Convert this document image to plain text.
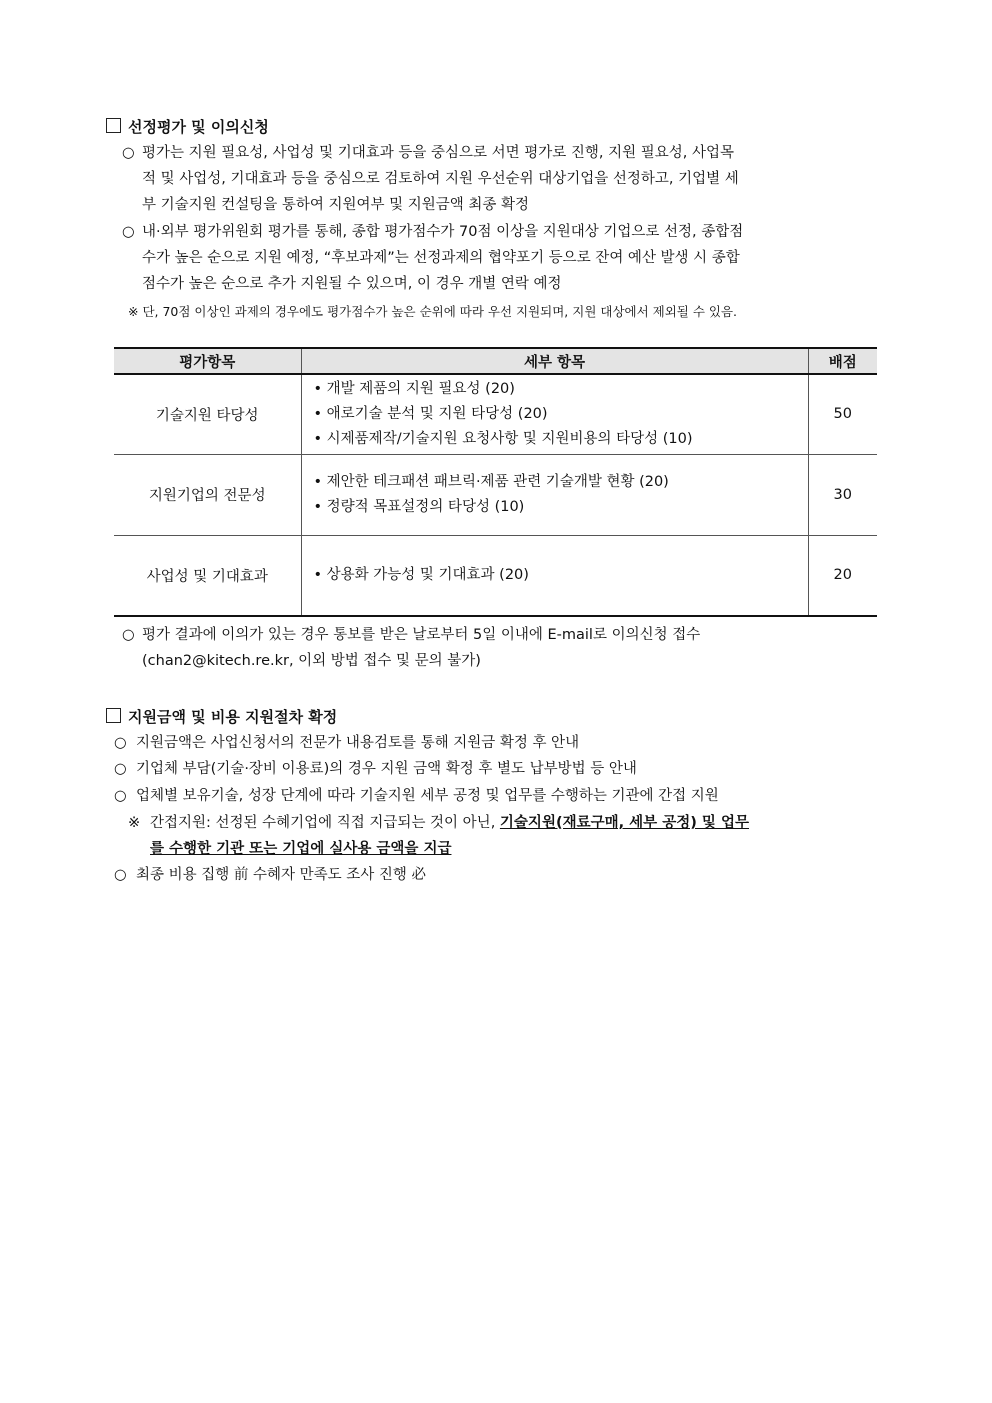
선정평가 및 이의신청
○ 평가는 지원 필요성, 사업성 및 기대효과 등을 중심으로 서면 평가로 진행, 지원 필요성, 사업목
적 및 사업성, 기대효과 등을 중심으로 검토하여 지원 우선순위 대상기업을 선정하고, 기업별 세
부 기술지원 컨설팅을 통하여 지원여부 및 지원금액 최종 확정
○ 내·외부 평가위원회 평가를 통해, 종합 평가점수가 70점 이상을 지원대상 기업으로 선정, 종합점
수가 높은 순으로 지원 예정, “후보과제”는 선정과제의 협약포기 등으로 잔여 예산 발생 시 종합
점수가 높은 순으로 추가 지원될 수 있으며, 이 경우 개별 연락 예정
※ 단, 70점 이상인 과제의 경우에도 평가점수가 높은 순위에 따라 우선 지원되며, 지원 대상에서 제외될 수 있음.
평가항목	세부 항목	배점
기술지원 타당성	• 개발 제품의 지원 필요성 (20)
• 애로기술 분석 및 지원 타당성 (20)
• 시제품제작/기술지원 요청사항 및 지원비용의 타당성 (10)	50
지원기업의 전문성	• 제안한 테크패션 패브릭·제품 관련 기술개발 현황 (20)
• 정량적 목표설정의 타당성 (10)	30
사업성 및 기대효과	• 상용화 가능성 및 기대효과 (20)	20
○ 평가 결과에 이의가 있는 경우 통보를 받은 날로부터 5일 이내에 E-mail로 이의신청 접수
(chan2@kitech.re.kr, 이외 방법 접수 및 문의 불가)
지원금액 및 비용 지원절차 확정
○ 지원금액은 사업신청서의 전문가 내용검토를 통해 지원금 확정 후 안내
○ 기업체 부담(기술·장비 이용료)의 경우 지원 금액 확정 후 별도 납부방법 등 안내
○ 업체별 보유기술, 성장 단계에 따라 기술지원 세부 공정 및 업무를 수행하는 기관에 간접 지원
※ 간접지원: 선정된 수혜기업에 직접 지급되는 것이 아닌, 기술지원(재료구매, 세부 공정) 및 업무
를 수행한 기관 또는 기업에 실사용 금액을 지급
○ 최종 비용 집행 前 수혜자 만족도 조사 진행 必
